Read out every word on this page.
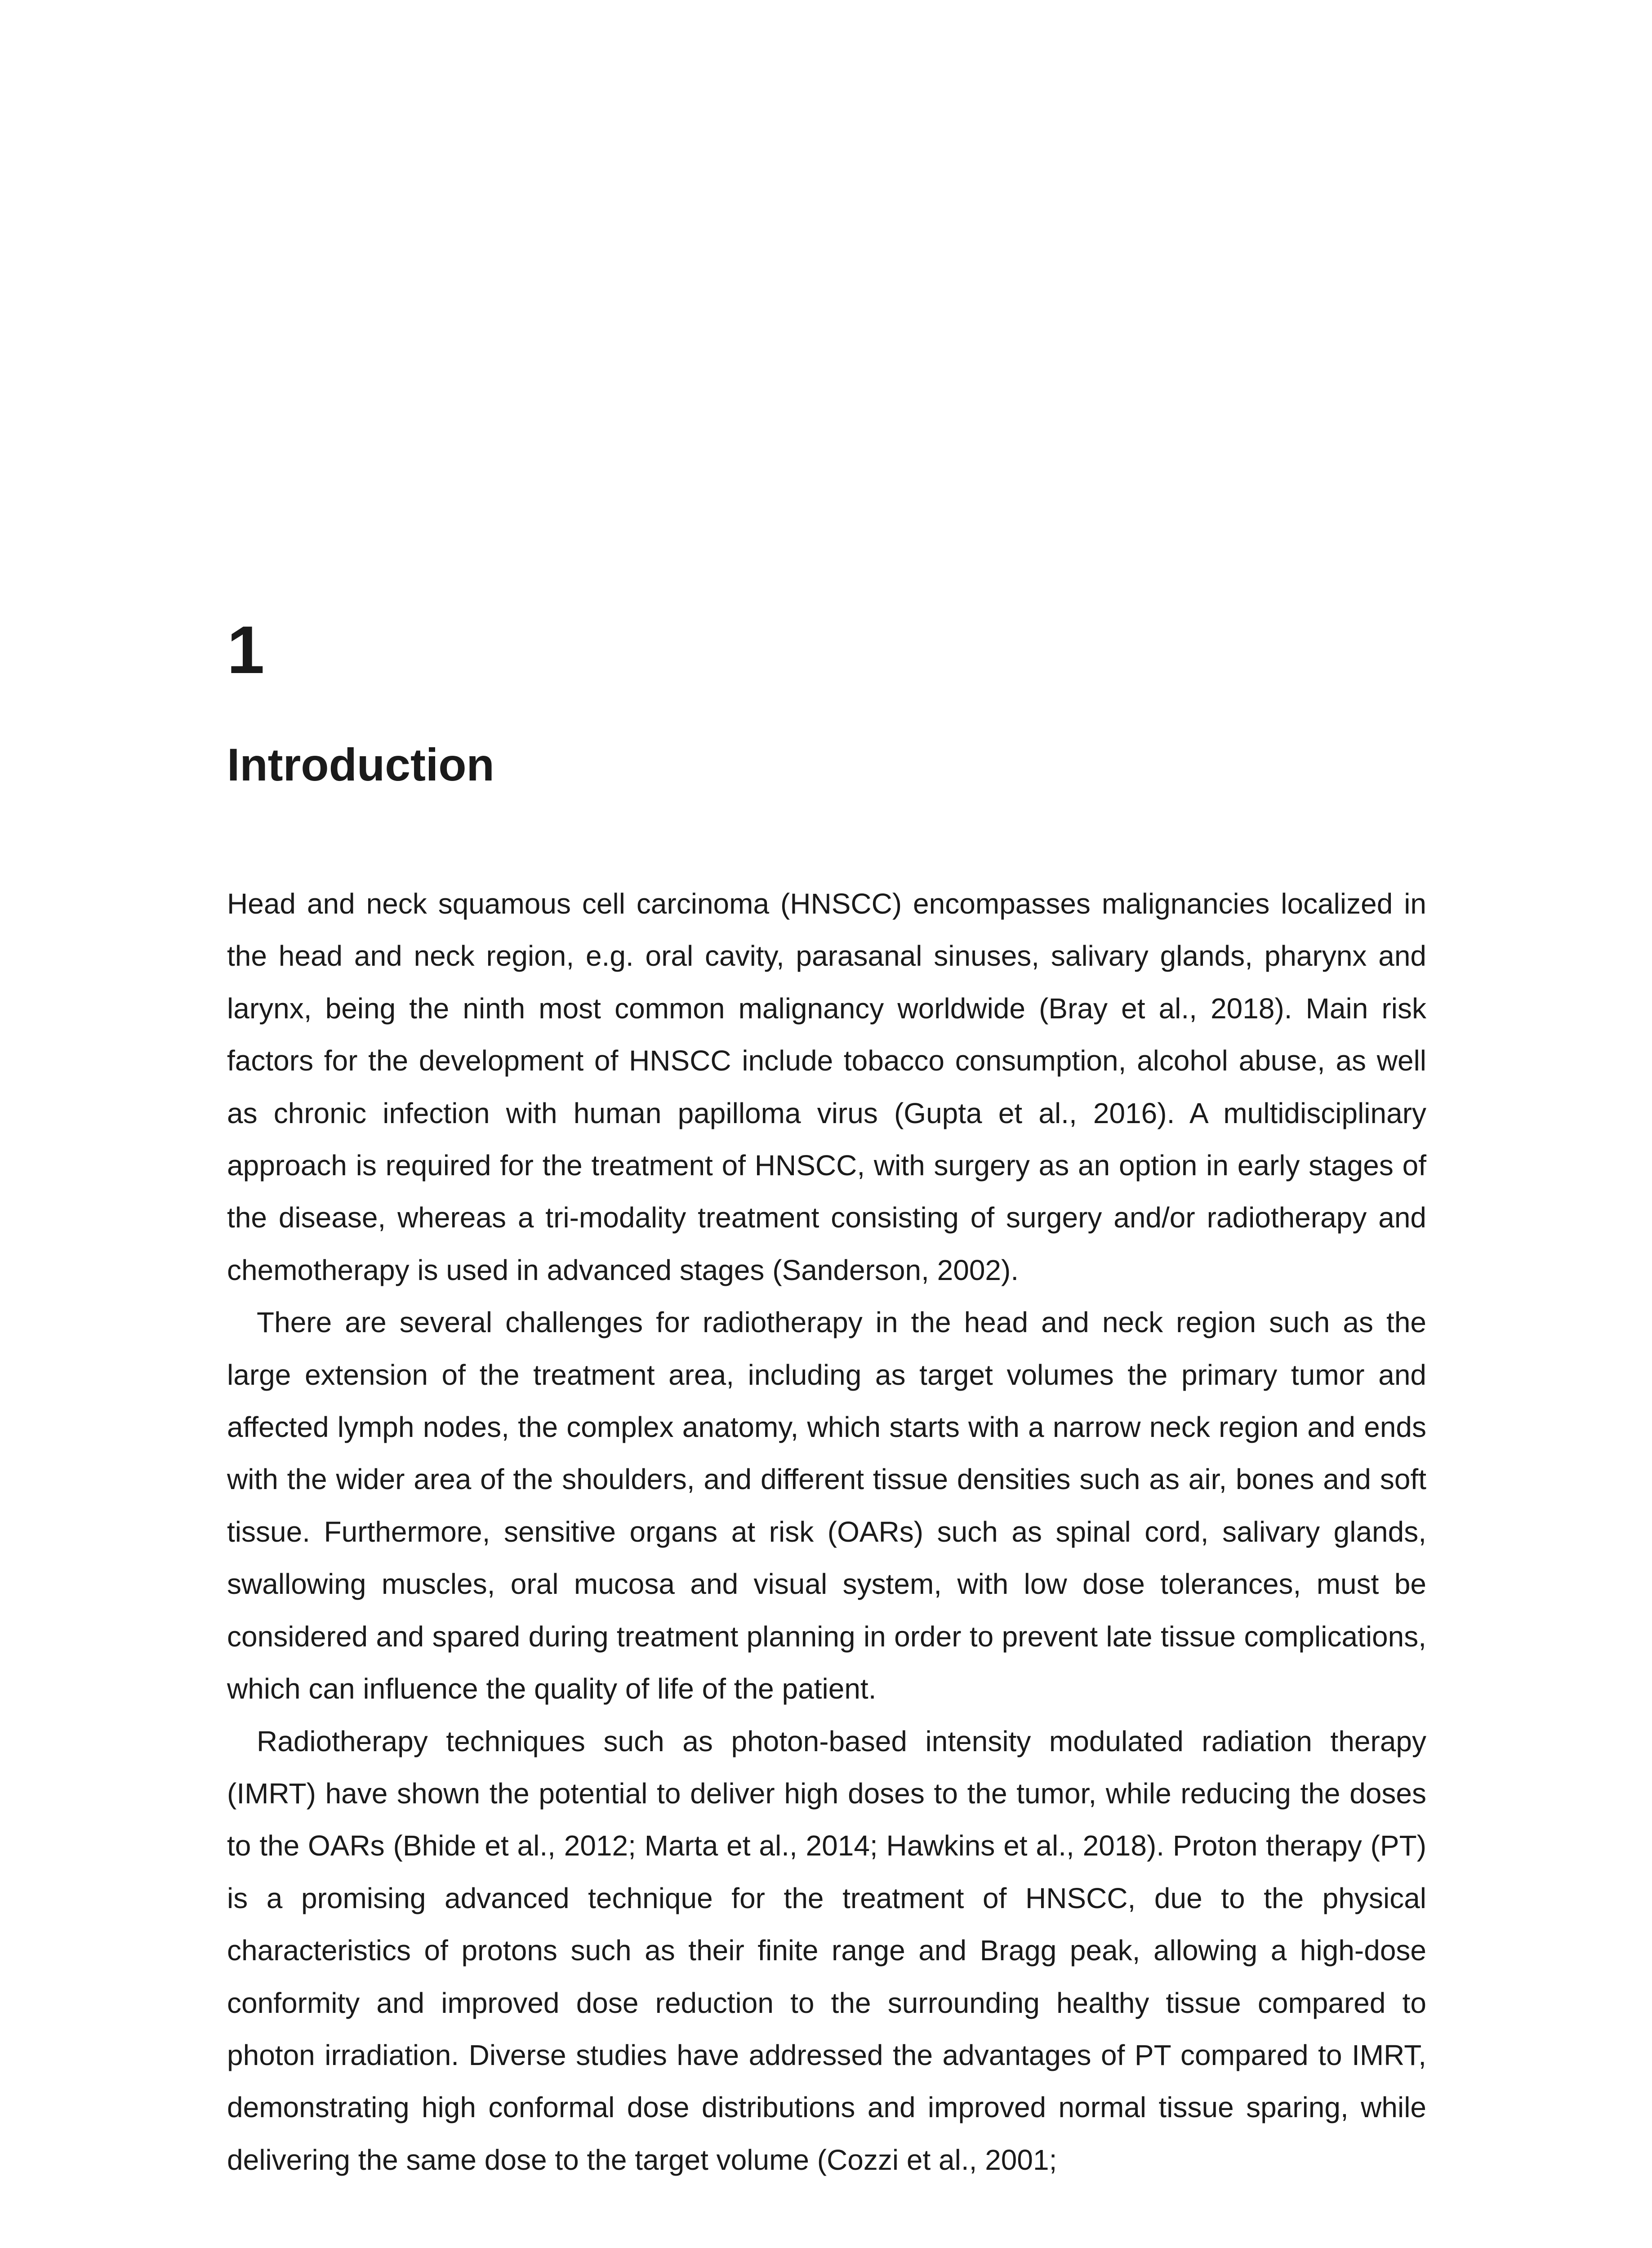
1
Introduction

Head and neck squamous cell carcinoma (HNSCC) encompasses malignancies localized in the head and neck region, e.g. oral cavity, parasanal sinuses, salivary glands, pharynx and larynx, being the ninth most common malignancy worldwide (Bray et al., 2018). Main risk factors for the development of HNSCC include tobacco consumption, alcohol abuse, as well as chronic infection with human papilloma virus (Gupta et al., 2016). A multidisciplinary approach is required for the treatment of HNSCC, with surgery as an option in early stages of the disease, whereas a tri-modality treatment consisting of surgery and/or radiotherapy and chemotherapy is used in advanced stages (Sanderson, 2002).

There are several challenges for radiotherapy in the head and neck region such as the large extension of the treatment area, including as target volumes the primary tumor and affected lymph nodes, the complex anatomy, which starts with a narrow neck region and ends with the wider area of the shoulders, and different tissue densities such as air, bones and soft tissue. Furthermore, sensitive organs at risk (OARs) such as spinal cord, salivary glands, swallowing muscles, oral mucosa and visual system, with low dose tolerances, must be considered and spared during treatment planning in order to prevent late tissue complications, which can influence the quality of life of the patient.

Radiotherapy techniques such as photon-based intensity modulated radiation therapy (IMRT) have shown the potential to deliver high doses to the tumor, while reducing the doses to the OARs (Bhide et al., 2012; Marta et al., 2014; Hawkins et al., 2018). Proton therapy (PT) is a promising advanced technique for the treatment of HNSCC, due to the physical characteristics of protons such as their finite range and Bragg peak, allowing a high-dose conformity and improved dose reduction to the surrounding healthy tissue compared to photon irradiation. Diverse studies have addressed the advantages of PT compared to IMRT, demonstrating high conformal dose distributions and improved normal tissue sparing, while delivering the same dose to the target volume (Cozzi et al., 2001;
